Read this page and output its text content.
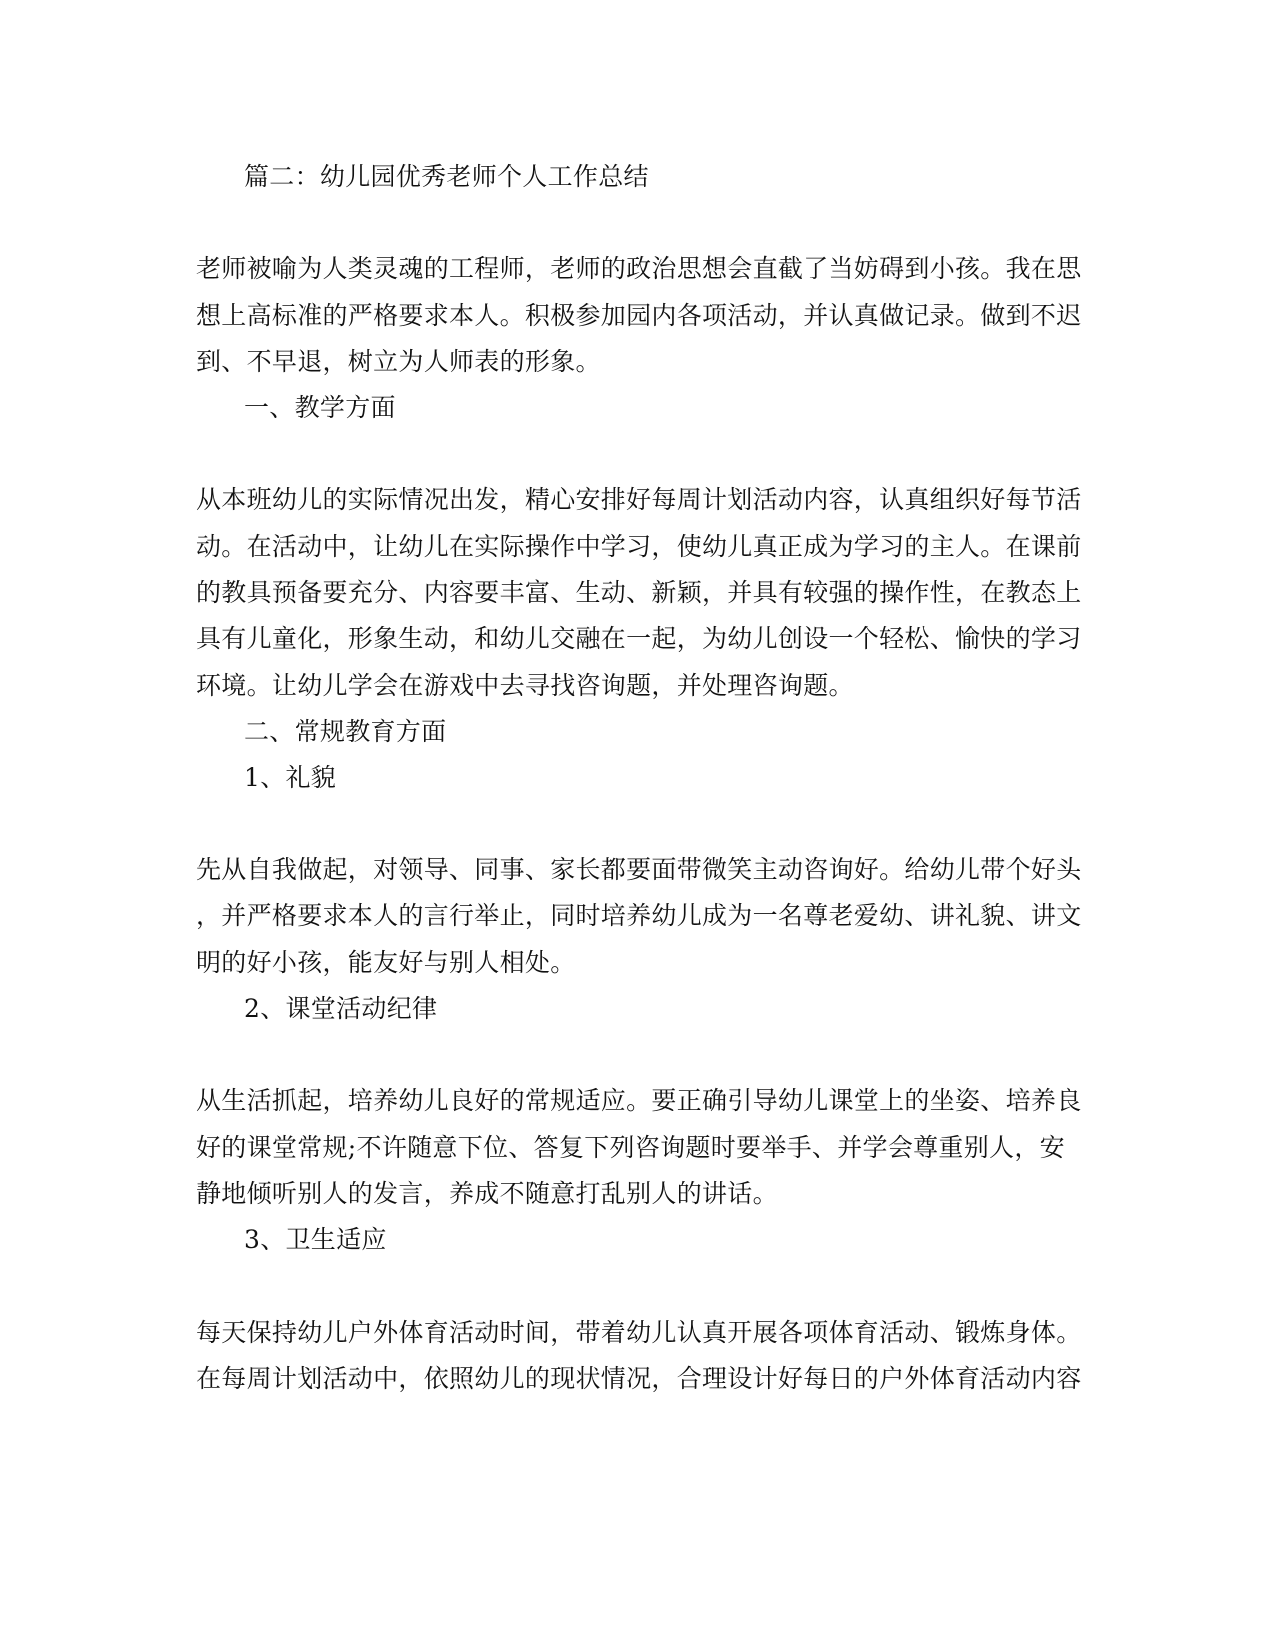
篇二：幼儿园优秀老师个人工作总结
老师被喻为人类灵魂的工程师，老师的政治思想会直截了当妨碍到小孩。我在思
想上高标准的严格要求本人。积极参加园内各项活动，并认真做记录。做到不迟
到、不早退，树立为人师表的形象。
一、教学方面
从本班幼儿的实际情况出发，精心安排好每周计划活动内容，认真组织好每节活
动。在活动中，让幼儿在实际操作中学习，使幼儿真正成为学习的主人。在课前
的教具预备要充分、内容要丰富、生动、新颖，并具有较强的操作性，在教态上
具有儿童化，形象生动，和幼儿交融在一起，为幼儿创设一个轻松、愉快的学习
环境。让幼儿学会在游戏中去寻找咨询题，并处理咨询题。
二、常规教育方面
1、礼貌
先从自我做起，对领导、同事、家长都要面带微笑主动咨询好。给幼儿带个好头
，并严格要求本人的言行举止，同时培养幼儿成为一名尊老爱幼、讲礼貌、讲文
明的好小孩，能友好与别人相处。
2、课堂活动纪律
从生活抓起，培养幼儿良好的常规适应。要正确引导幼儿课堂上的坐姿、培养良
好的课堂常规;不许随意下位、答复下列咨询题时要举手、并学会尊重别人，安
静地倾听别人的发言，养成不随意打乱别人的讲话。
3、卫生适应
每天保持幼儿户外体育活动时间，带着幼儿认真开展各项体育活动、锻炼身体。
在每周计划活动中，依照幼儿的现状情况，合理设计好每日的户外体育活动内容
